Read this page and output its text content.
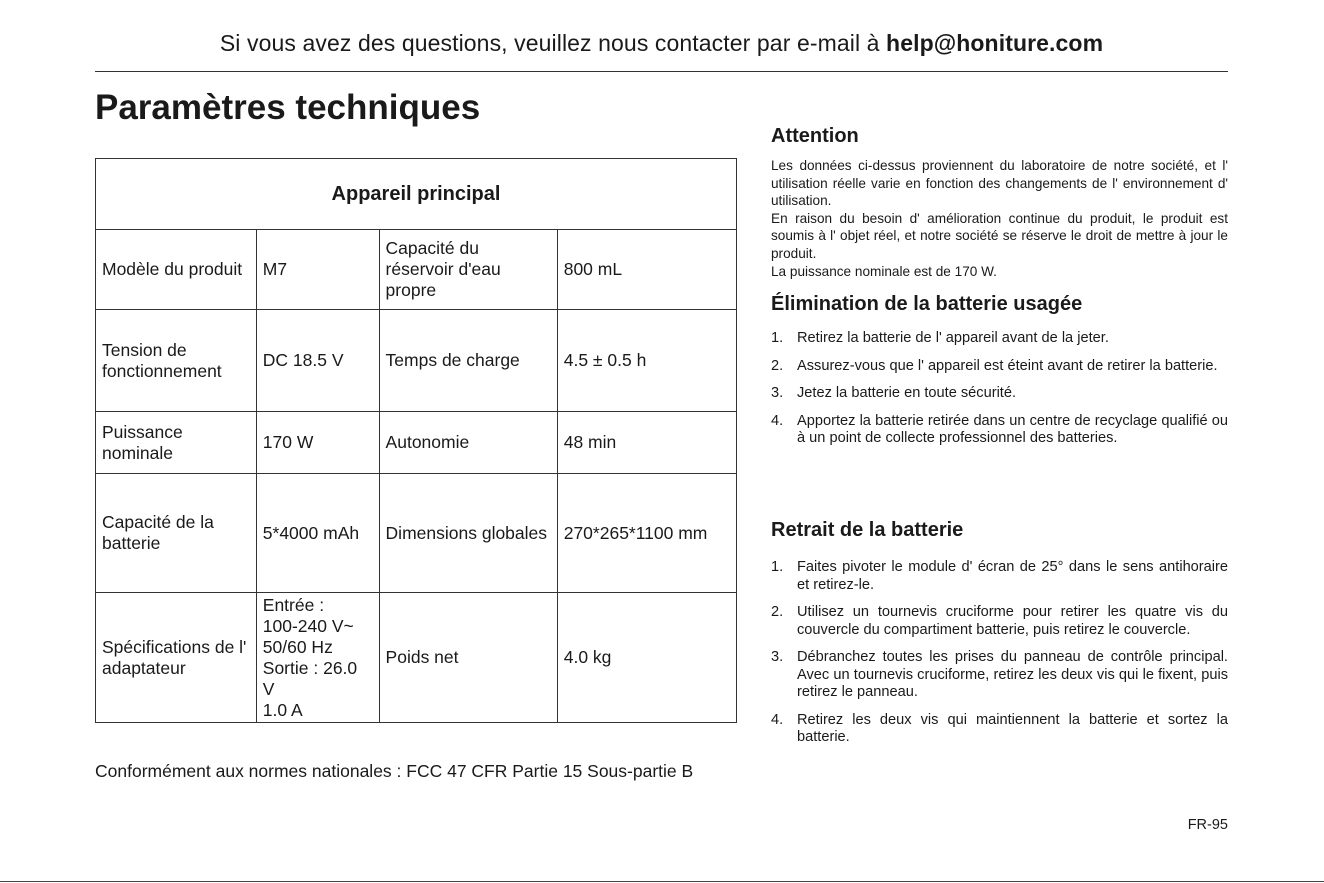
Si vous avez des questions, veuillez nous contacter par e-mail à help@honiture.com
Paramètres techniques
Appareil principal			
Modèle du produit	M7	Capacité du réservoir d'eau propre	800 mL
Tension de fonctionnement	DC 18.5 V	Temps de charge	4.5 ± 0.5 h
Puissance nominale	170 W	Autonomie	48 min
Capacité de la batterie	5*4000 mAh	Dimensions globales	270*265*1100 mm
Spécifications de l' adaptateur	Entrée :
100-240 V~
50/60 Hz
Sortie : 26.0 V
1.0 A	Poids net	4.0 kg
Conformément aux normes nationales : FCC 47 CFR Partie 15 Sous-partie B
Attention

Les données ci-dessus proviennent du laboratoire de notre société, et l' utilisation réelle varie en fonction des changements de l' environnement d' utilisation.

En raison du besoin d' amélioration continue du produit, le produit est soumis à l' objet réel, et notre société se réserve le droit de mettre à jour le produit.

La puissance nominale est de 170 W.

Élimination de la batterie usagée
1. Retirez la batterie de l' appareil avant de la jeter.
2. Assurez-vous que l' appareil est éteint avant de retirer la batterie.
3. Jetez la batterie en toute sécurité.
4. Apportez la batterie retirée dans un centre de recyclage qualifié ou à un point de collecte professionnel des batteries.
Retrait de la batterie
1. Faites pivoter le module d' écran de 25° dans le sens antihoraire et retirez-le.
2. Utilisez un tournevis cruciforme pour retirer les quatre vis du couvercle du compartiment batterie, puis retirez le couvercle.
3. Débranchez toutes les prises du panneau de contrôle principal. Avec un tournevis cruciforme, retirez les deux vis qui le fixent, puis retirez le panneau.
4. Retirez les deux vis qui maintiennent la batterie et sortez la batterie.
FR-95
